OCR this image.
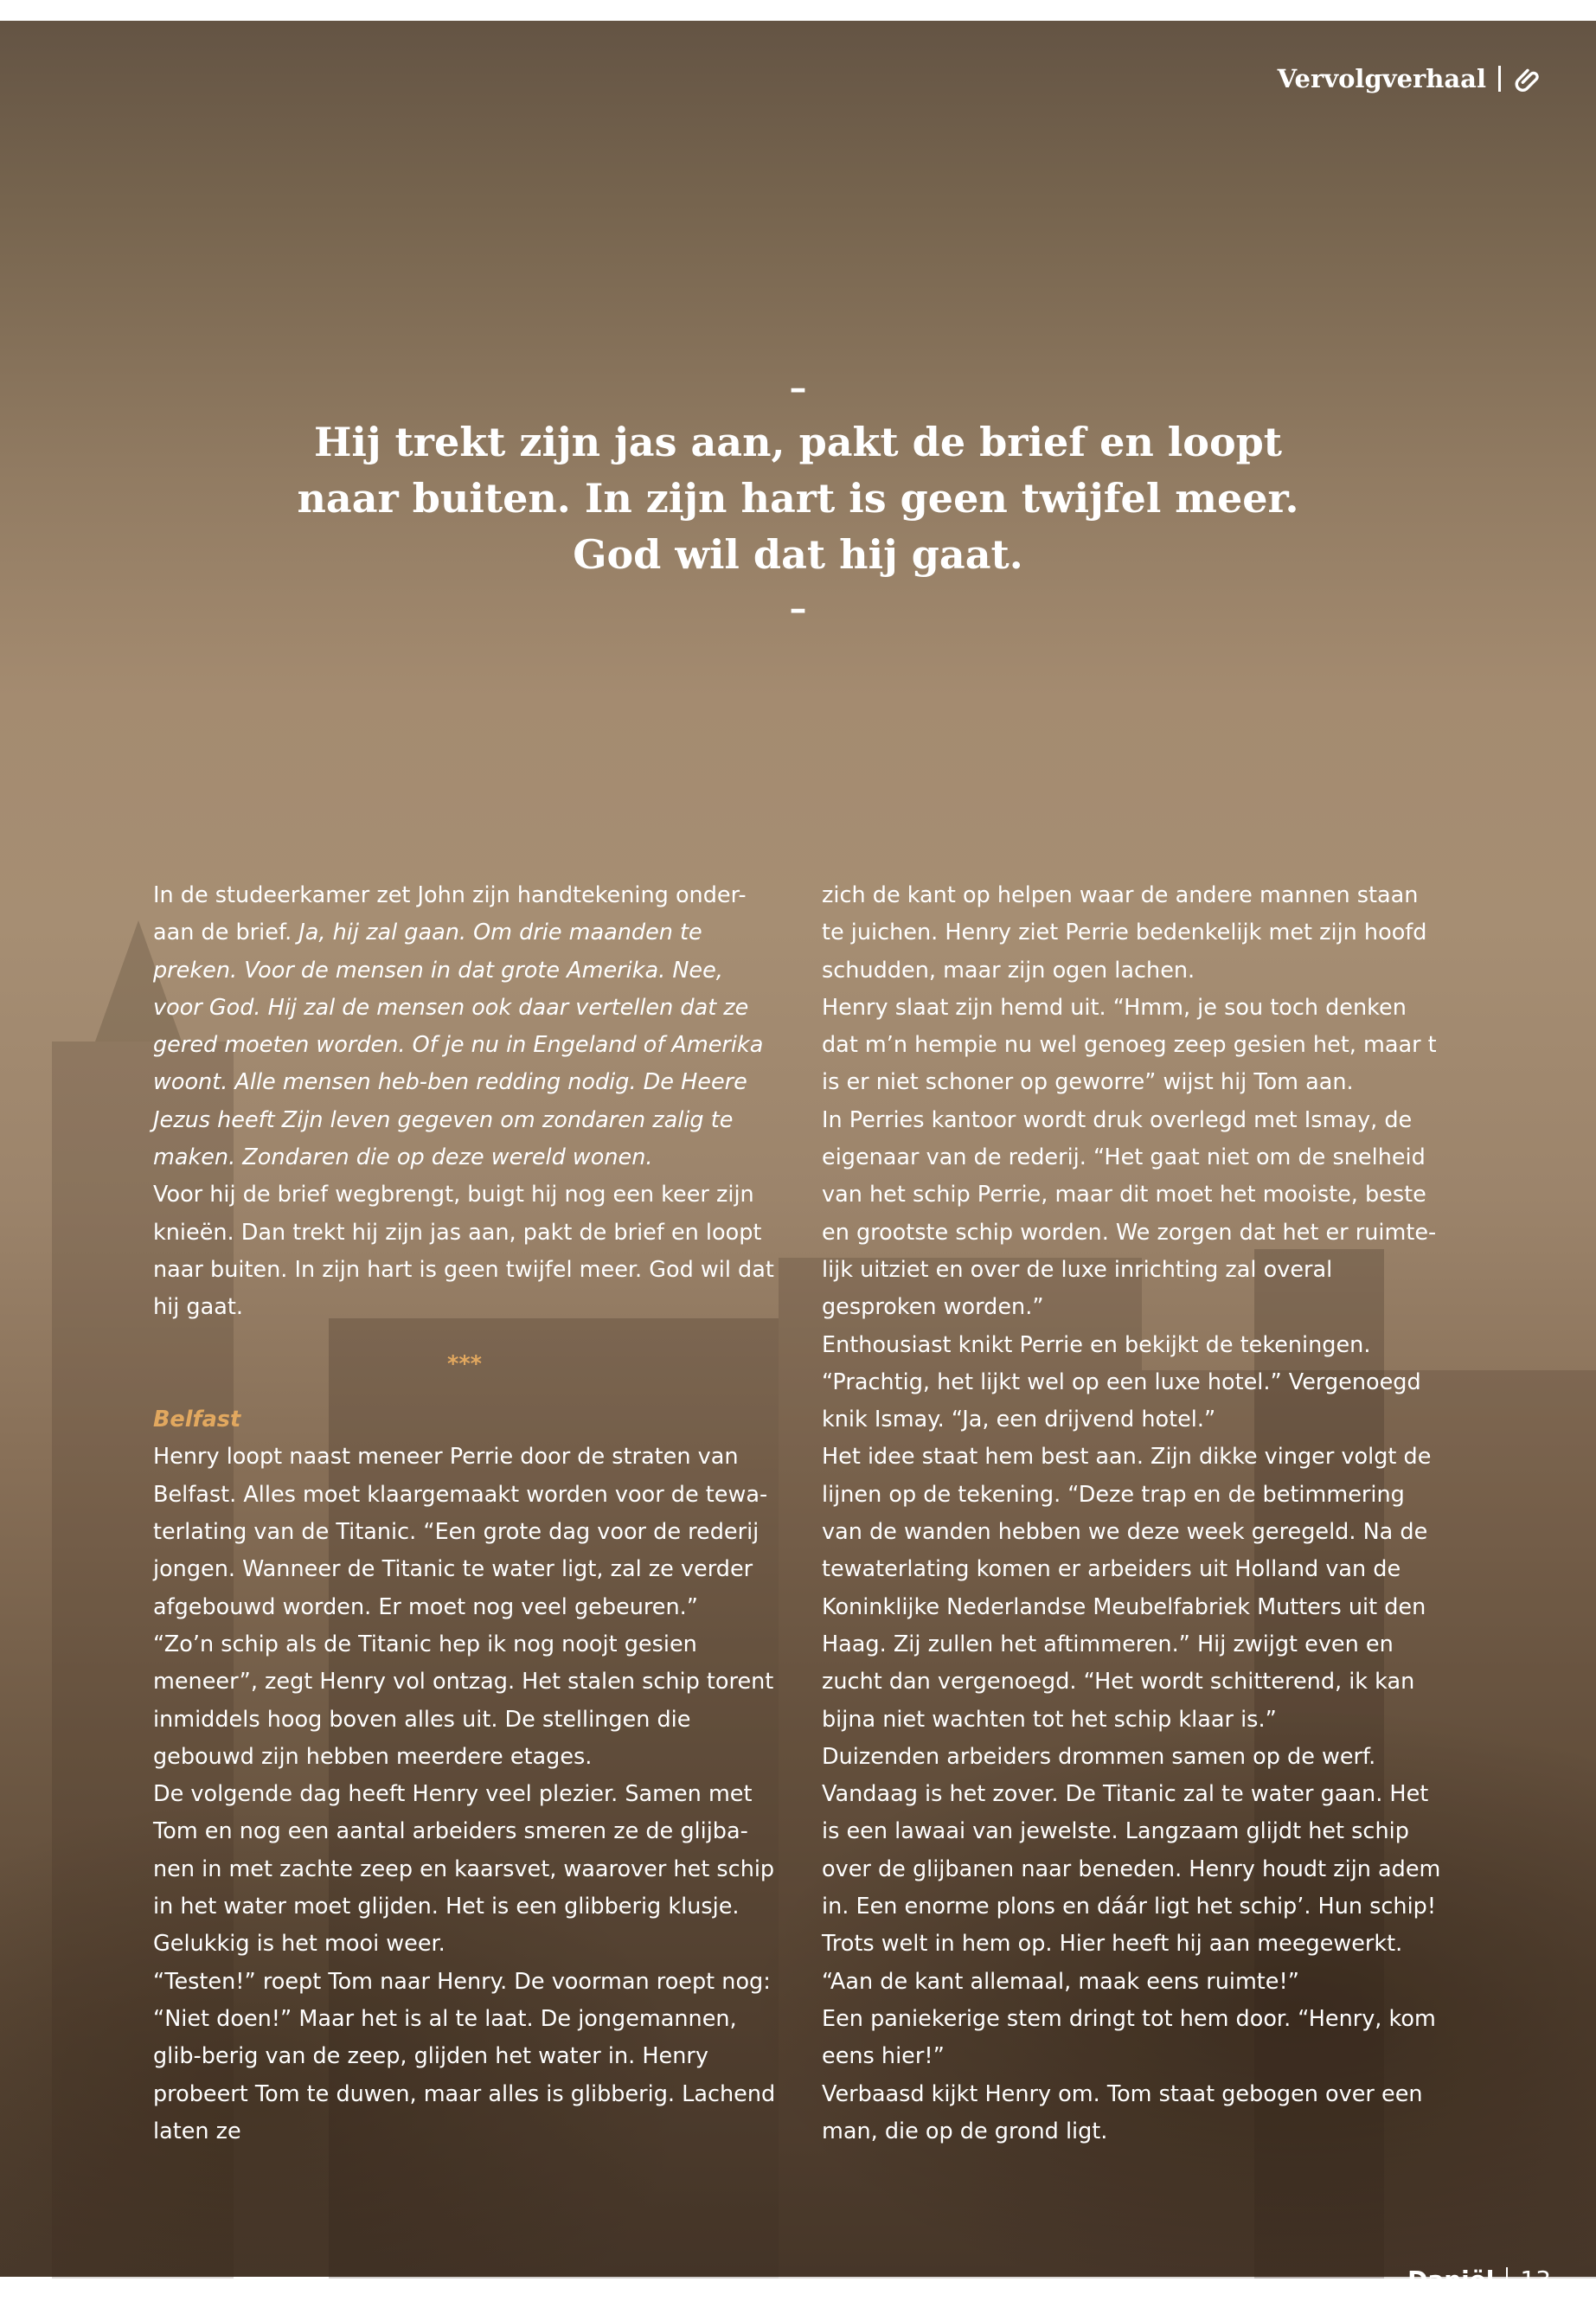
Vervolgverhaal
–
Hij trekt zijn jas aan, pakt de brief en loopt
naar buiten. In zijn hart is geen twijfel meer.
God wil dat hij gaat.
–

In de studeerkamer zet John zijn handtekening onder-aan de brief. Ja, hij zal gaan. Om drie maanden te preken. Voor de mensen in dat grote Amerika. Nee, voor God. Hij zal de mensen ook daar vertellen dat ze gered moeten worden. Of je nu in Engeland of Amerika woont. Alle mensen heb-ben redding nodig. De Heere Jezus heeft Zijn leven gegeven om zondaren zalig te maken. Zondaren die op deze wereld wonen.

Voor hij de brief wegbrengt, buigt hij nog een keer zijn knieën. Dan trekt hij zijn jas aan, pakt de brief en loopt naar buiten. In zijn hart is geen twijfel meer. God wil dat hij gaat.

***

Belfast

Henry loopt naast meneer Perrie door de straten van Belfast. Alles moet klaargemaakt worden voor de tewa-terlating van de Titanic. “Een grote dag voor de rederij jongen. Wanneer de Titanic te water ligt, zal ze verder afgebouwd worden. Er moet nog veel gebeuren.”

“Zo’n schip als de Titanic hep ik nog noojt gesien meneer”, zegt Henry vol ontzag. Het stalen schip torent inmiddels hoog boven alles uit. De stellingen die gebouwd zijn hebben meerdere etages.

De volgende dag heeft Henry veel plezier. Samen met Tom en nog een aantal arbeiders smeren ze de glijba-nen in met zachte zeep en kaarsvet, waarover het schip in het water moet glijden. Het is een glibberig klusje. Gelukkig is het mooi weer.

“Testen!” roept Tom naar Henry. De voorman roept nog: “Niet doen!” Maar het is al te laat. De jongemannen, glib-berig van de zeep, glijden het water in. Henry probeert Tom te duwen, maar alles is glibberig. Lachend laten ze

zich de kant op helpen waar de andere mannen staan te juichen. Henry ziet Perrie bedenkelijk met zijn hoofd schudden, maar zijn ogen lachen.

Henry slaat zijn hemd uit. “Hmm, je sou toch denken dat m’n hempie nu wel genoeg zeep gesien het, maar t is er niet schoner op geworre” wijst hij Tom aan.

In Perries kantoor wordt druk overlegd met Ismay, de eigenaar van de rederij. “Het gaat niet om de snelheid van het schip Perrie, maar dit moet het mooiste, beste en grootste schip worden. We zorgen dat het er ruimte-lijk uitziet en over de luxe inrichting zal overal gesproken worden.”

Enthousiast knikt Perrie en bekijkt de tekeningen. “Prachtig, het lijkt wel op een luxe hotel.” Vergenoegd knik Ismay. “Ja, een drijvend hotel.”

Het idee staat hem best aan. Zijn dikke vinger volgt de lijnen op de tekening. “Deze trap en de betimmering van de wanden hebben we deze week geregeld. Na de tewaterlating komen er arbeiders uit Holland van de Koninklijke Nederlandse Meubelfabriek Mutters uit den Haag. Zij zullen het aftimmeren.” Hij zwijgt even en zucht dan vergenoegd. “Het wordt schitterend, ik kan bijna niet wachten tot het schip klaar is.”

Duizenden arbeiders drommen samen op de werf. Vandaag is het zover. De Titanic zal te water gaan. Het is een lawaai van jewelste. Langzaam glijdt het schip over de glijbanen naar beneden. Henry houdt zijn adem in. Een enorme plons en dáár ligt het schip’. Hun schip! Trots welt in hem op. Hier heeft hij aan meegewerkt.

“Aan de kant allemaal, maak eens ruimte!”

Een paniekerige stem dringt tot hem door. “Henry, kom eens hier!”

Verbaasd kijkt Henry om. Tom staat gebogen over een man, die op de grond ligt.

Daniël 13
